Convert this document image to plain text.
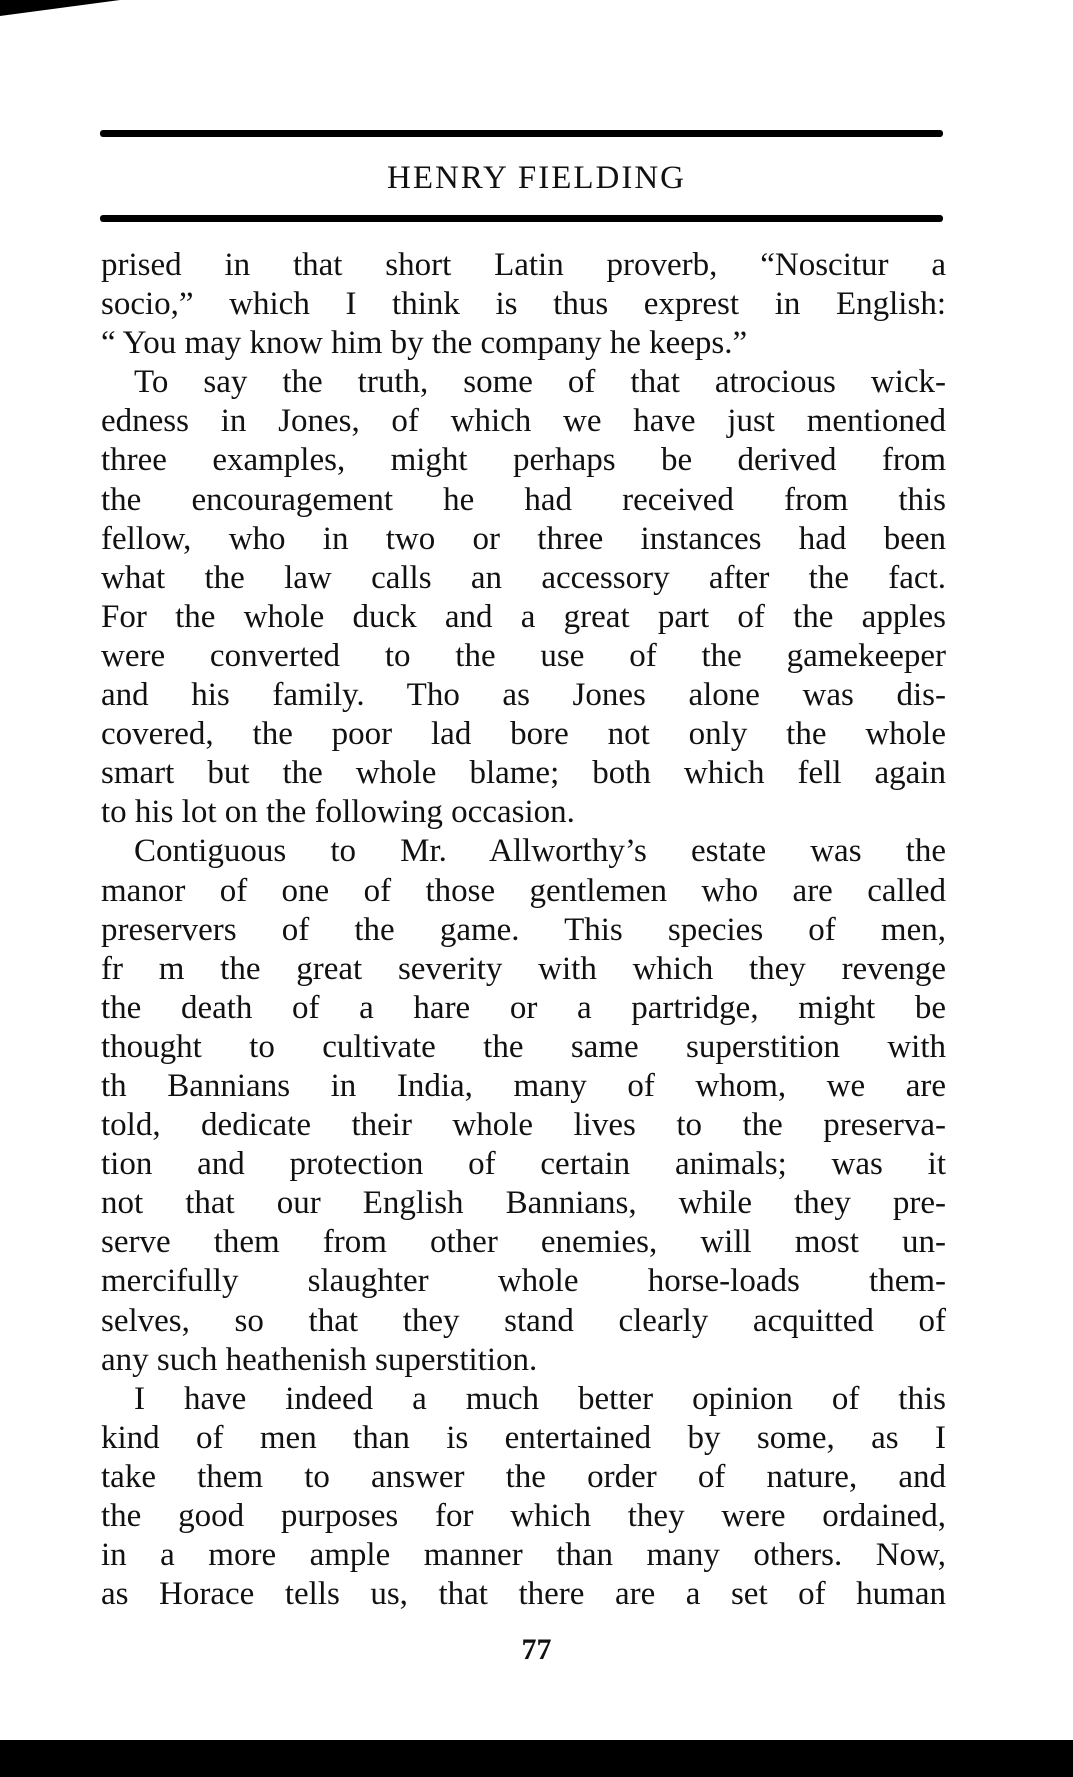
HENRY FIELDING
prised in that short Latin proverb, “Noscitur a
socio,” which I think is thus exprest in English:
“ You may know him by the company he keeps.”
To say the truth, some of that atrocious wick-
edness in Jones, of which we have just mentioned
three examples, might perhaps be derived from
the encouragement he had received from this
fellow, who in two or three instances had been
what the law calls an accessory after the fact.
For the whole duck and a great part of the apples
were converted to the use of the gamekeeper
and his family. Tho as Jones alone was dis-
covered, the poor lad bore not only the whole
smart but the whole blame; both which fell again
to his lot on the following occasion.
Contiguous to Mr. Allworthy’s estate was the
manor of one of those gentlemen who are called
preservers of the game. This species of men,
fr m the great severity with which they revenge
the death of a hare or a partridge, might be
thought to cultivate the same superstition with
th Bannians in India, many of whom, we are
told, dedicate their whole lives to the preserva-
tion and protection of certain animals; was it
not that our English Bannians, while they pre-
serve them from other enemies, will most un-
mercifully slaughter whole horse-loads them-
selves, so that they stand clearly acquitted of
any such heathenish superstition.
I have indeed a much better opinion of this
kind of men than is entertained by some, as I
take them to answer the order of nature, and
the good purposes for which they were ordained,
in a more ample manner than many others. Now,
as Horace tells us, that there are a set of human
77
